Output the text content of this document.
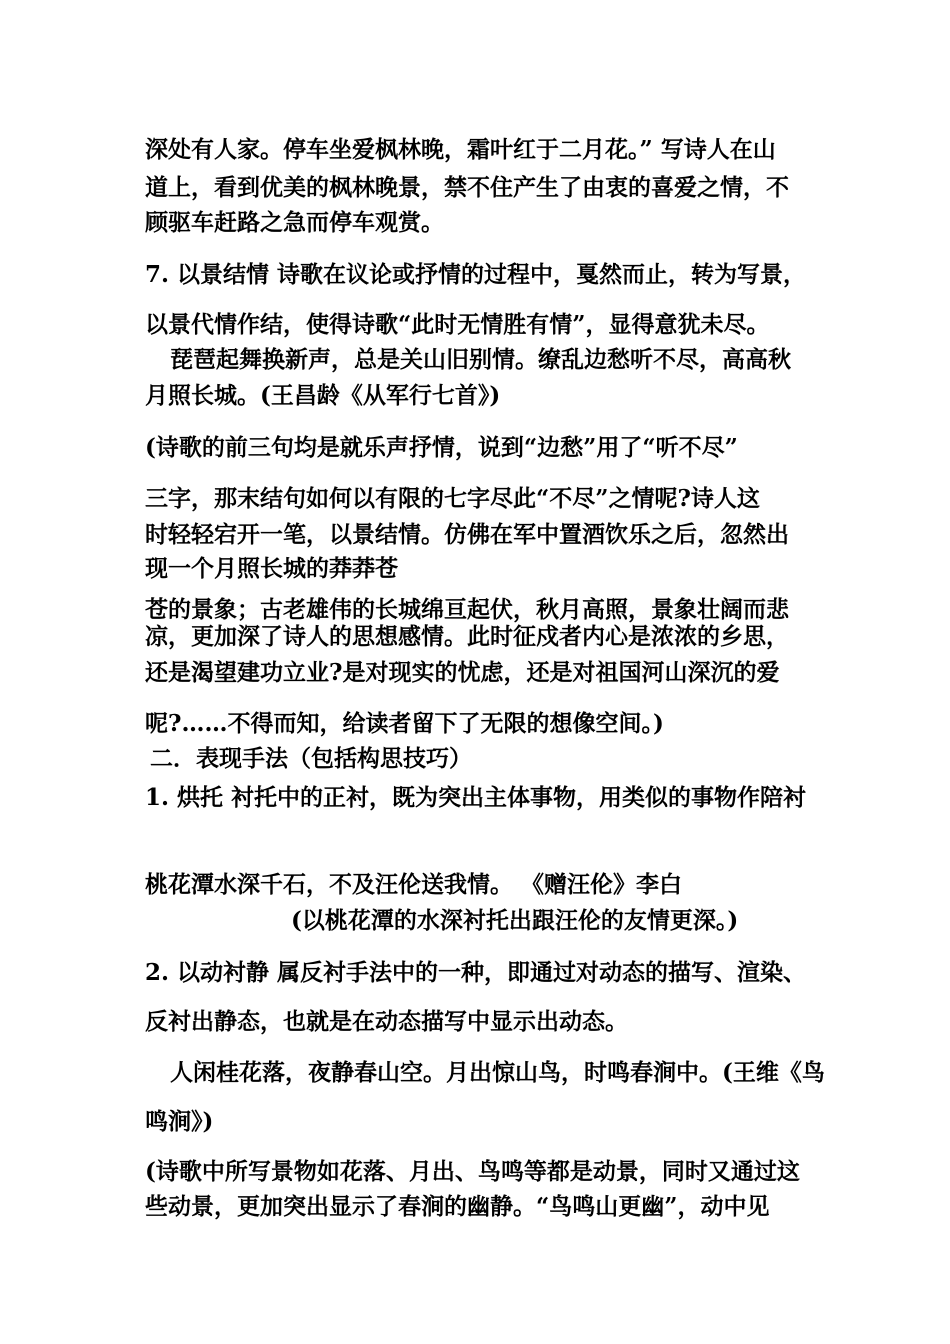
深处有人家。停车坐爱枫林晚，霜叶红于二月花。” 写诗人在山
道上，看到优美的枫林晚景，禁不住产生了由衷的喜爱之情，不
顾驱车赶路之急而停车观赏。
7. 以景结情 诗歌在议论或抒情的过程中，戛然而止，转为写景，
以景代情作结，使得诗歌“此时无情胜有情”，显得意犹未尽。
琵琶起舞换新声，总是关山旧别情。缭乱边愁听不尽，高高秋
月照长城。(王昌龄《从军行七首》)
(诗歌的前三句均是就乐声抒情，说到“边愁”用了“听不尽”
三字，那末结句如何以有限的七字尽此“不尽”之情呢?诗人这
时轻轻宕开一笔，以景结情。仿佛在军中置酒饮乐之后，忽然出
现一个月照长城的莽莽苍
苍的景象；古老雄伟的长城绵亘起伏，秋月高照，景象壮阔而悲
凉，更加深了诗人的思想感情。此时征戍者内心是浓浓的乡思，
还是渴望建功立业?是对现实的忧虑，还是对祖国河山深沉的爱
呢?……不得而知，给读者留下了无限的想像空间。)
二．表现手法（包括构思技巧）
1. 烘托 衬托中的正衬，既为突出主体事物，用类似的事物作陪衬
桃花潭水深千石，不及汪伦送我情。 《赠汪伦》李白
(以桃花潭的水深衬托出跟汪伦的友情更深。)
2. 以动衬静 属反衬手法中的一种，即通过对动态的描写、渲染、
反衬出静态，也就是在动态描写中显示出动态。
人闲桂花落，夜静春山空。月出惊山鸟，时鸣春涧中。(王维《鸟
鸣涧》)
(诗歌中所写景物如花落、月出、鸟鸣等都是动景，同时又通过这
些动景，更加突出显示了春涧的幽静。“鸟鸣山更幽”，动中见
